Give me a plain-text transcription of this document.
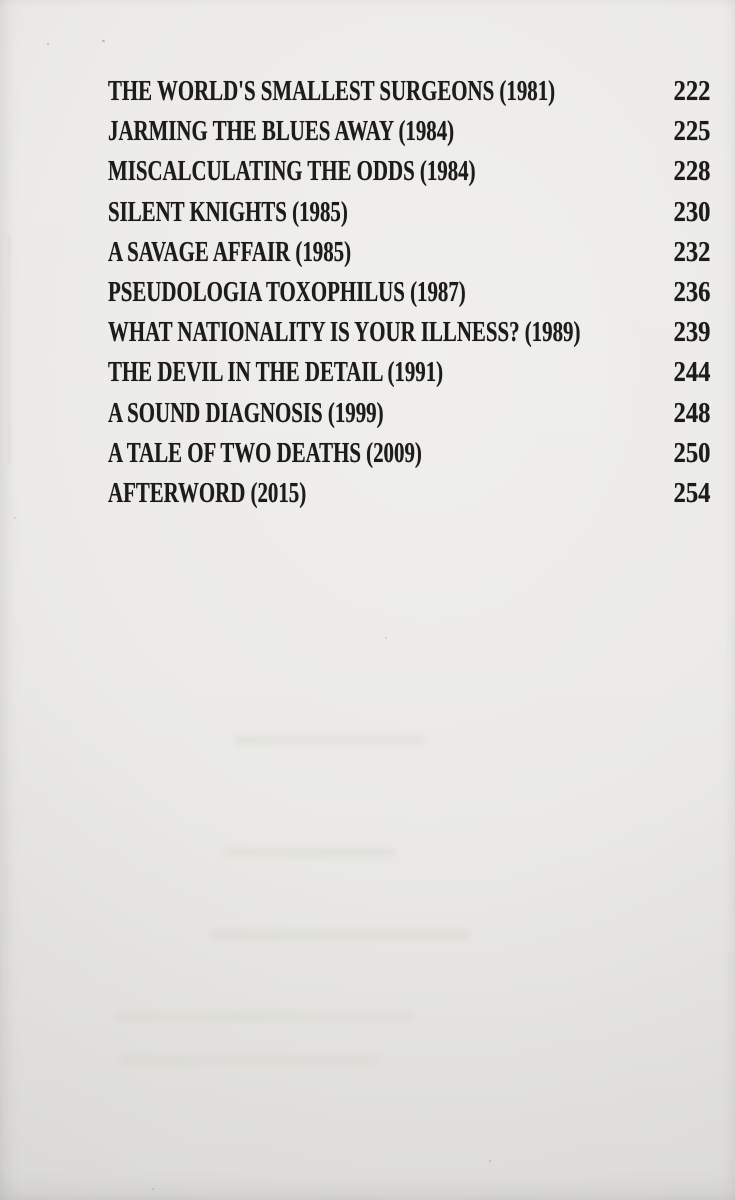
THE WORLD'S SMALLEST SURGEONS (1981)	222
JARMING THE BLUES AWAY (1984)	225
MISCALCULATING THE ODDS (1984)	228
SILENT KNIGHTS (1985)	230
A SAVAGE AFFAIR (1985)	232
PSEUDOLOGIA TOXOPHILUS (1987)	236
WHAT NATIONALITY IS YOUR ILLNESS? (1989)	239
THE DEVIL IN THE DETAIL (1991)	244
A SOUND DIAGNOSIS (1999)	248
A TALE OF TWO DEATHS (2009)	250
AFTERWORD (2015)	254
